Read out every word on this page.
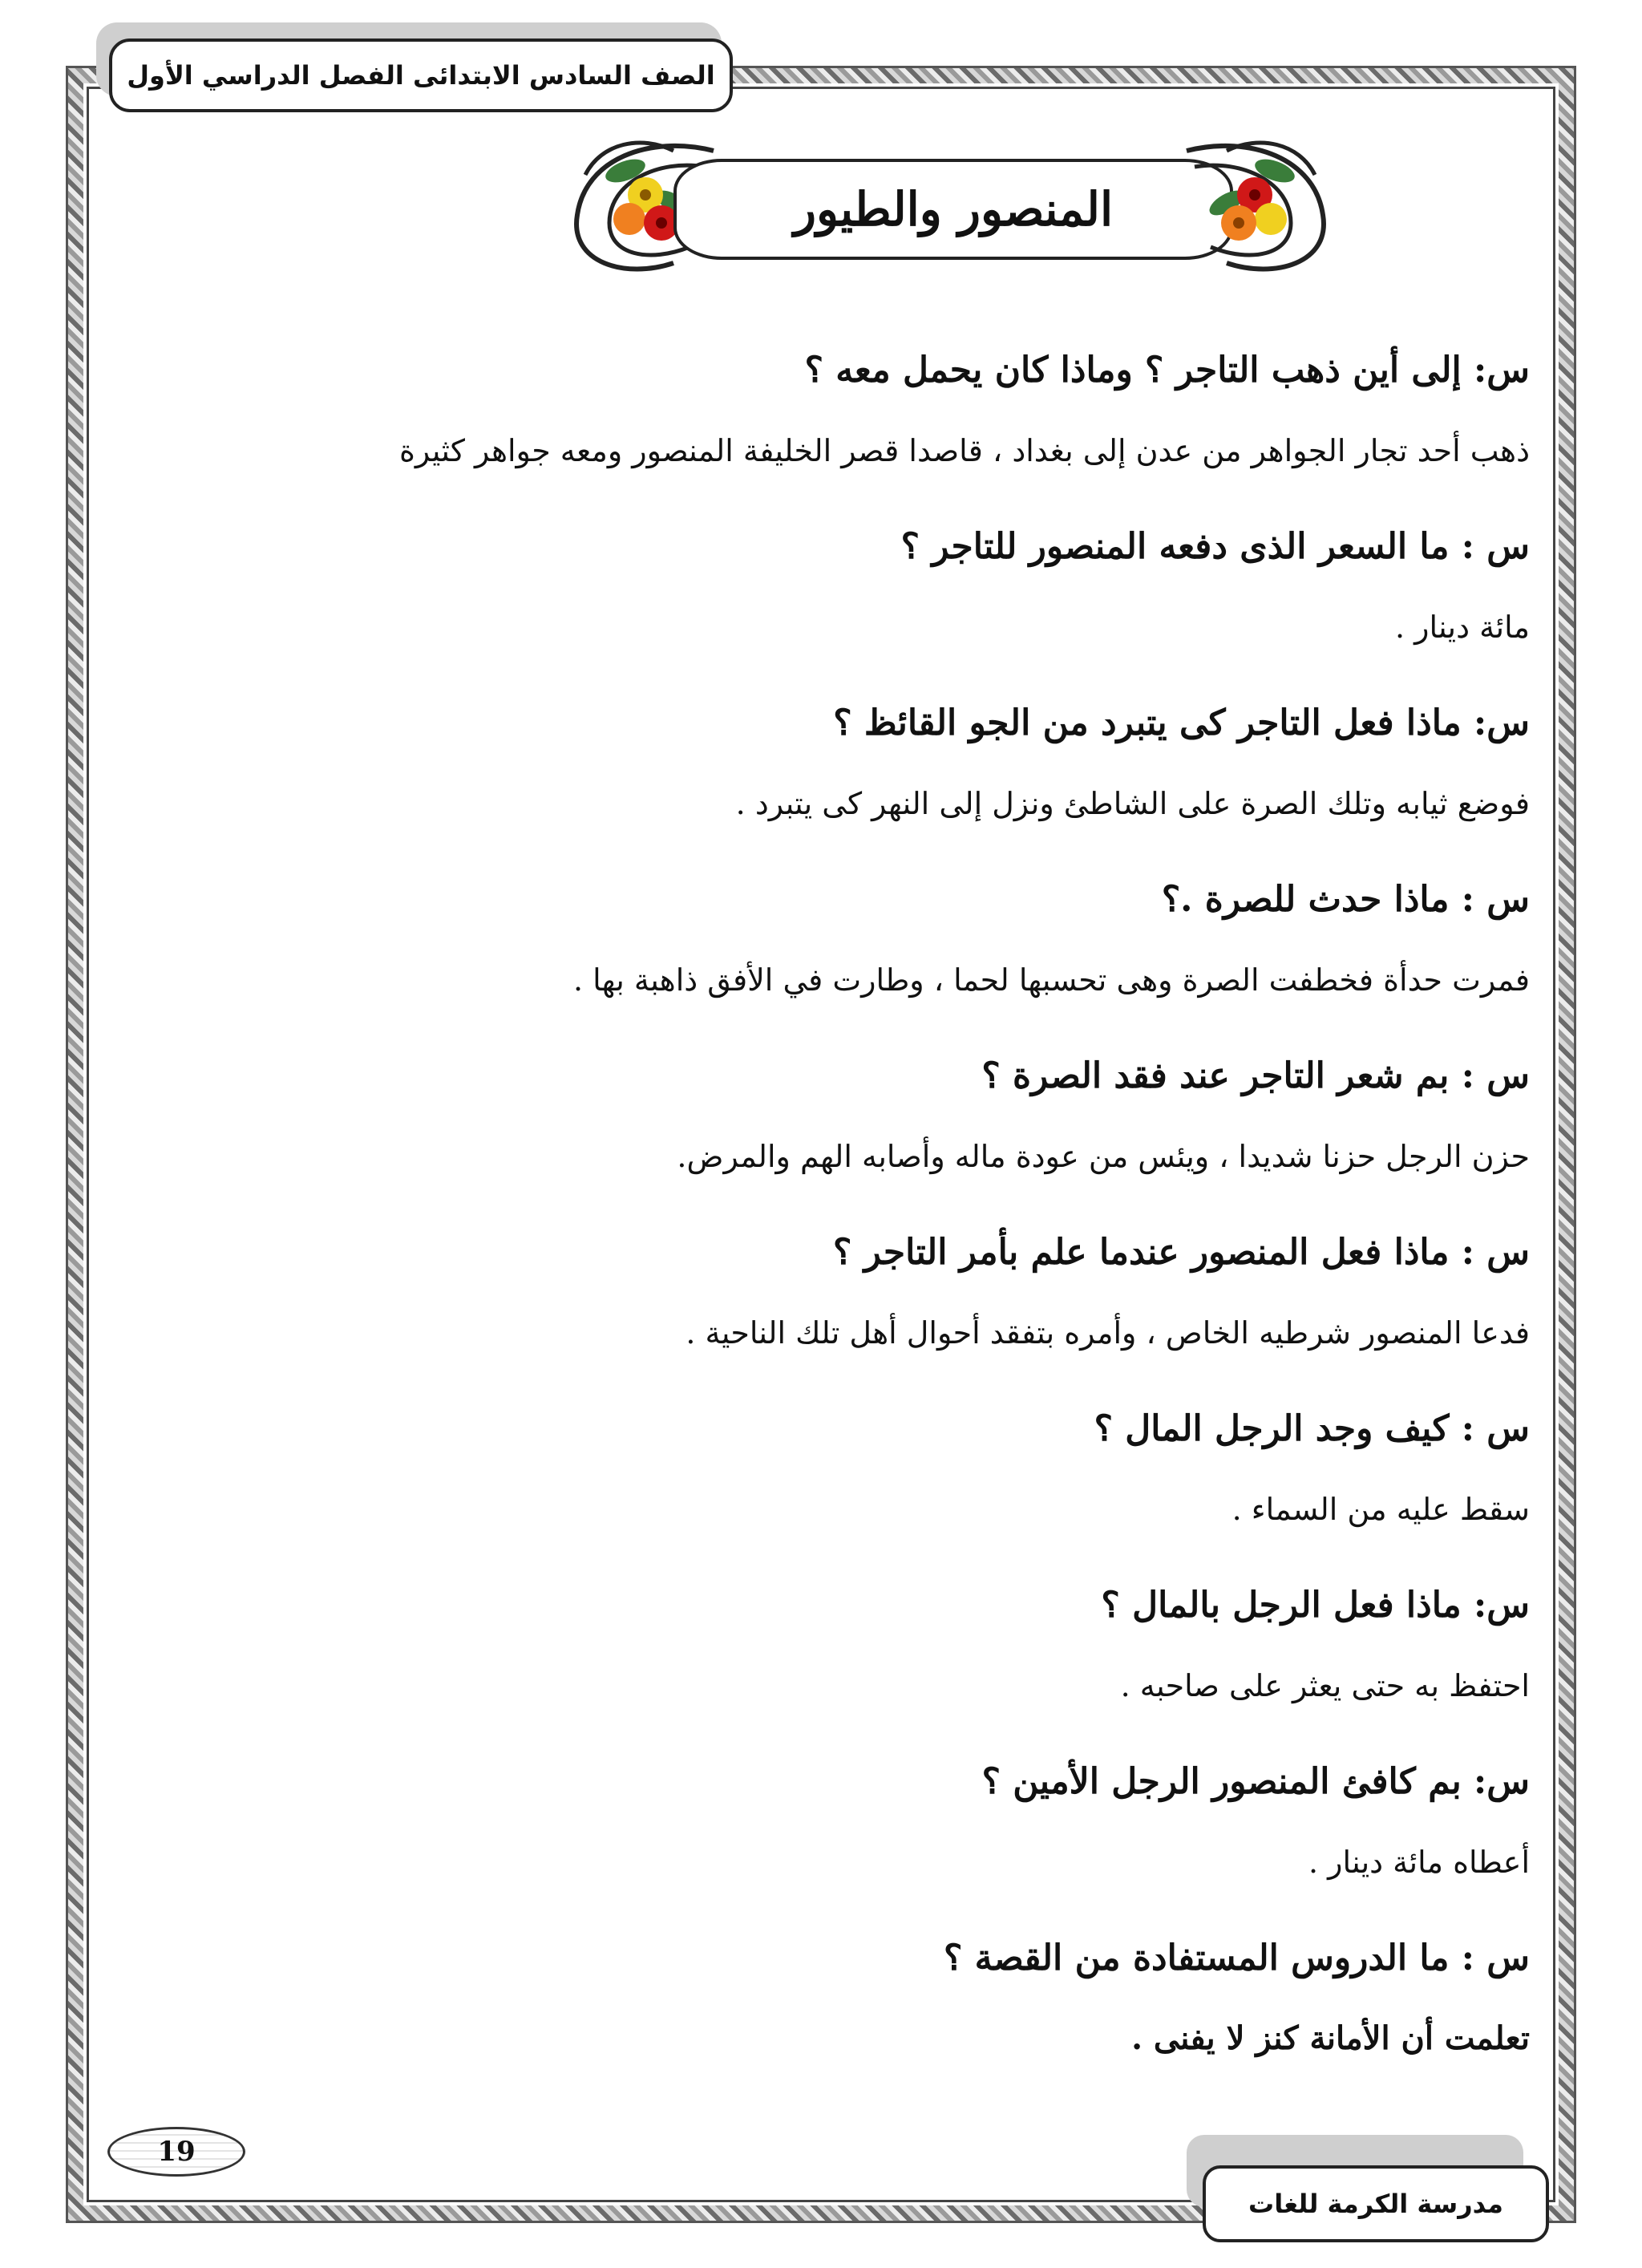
الصف السادس الابتدائى الفصل الدراسي الأول
المنصور والطيور
س: إلى أين ذهب التاجر ؟ وماذا كان يحمل معه ؟
ذهب أحد تجار الجواهر من عدن إلى بغداد ، قاصدا قصر الخليفة المنصور ومعه جواهر كثيرة
س : ما السعر الذى دفعه المنصور للتاجر ؟
مائة دينار .
س: ماذا فعل التاجر كى يتبرد من الجو القائظ ؟
فوضع ثيابه وتلك الصرة على الشاطئ ونزل إلى النهر كى يتبرد .
س : ماذا حدث للصرة .؟
فمرت حدأة فخطفت الصرة وهى تحسبها لحما ، وطارت في الأفق ذاهبة بها .
س : بم شعر التاجر عند فقد الصرة ؟
حزن الرجل حزنا شديدا ، ويئس من عودة ماله وأصابه الهم والمرض.
س : ماذا فعل المنصور عندما علم بأمر التاجر ؟
فدعا المنصور شرطيه الخاص ، وأمره بتفقد أحوال أهل تلك الناحية .
س : كيف وجد الرجل المال ؟
سقط عليه من السماء .
س: ماذا فعل الرجل بالمال ؟
احتفظ به حتى يعثر على صاحبه .
س: بم كافئ المنصور الرجل الأمين ؟
أعطاه مائة دينار .
س : ما الدروس المستفادة من القصة ؟
تعلمت أن الأمانة كنز لا يفنى .
19
مدرسة الكرمة للغات
